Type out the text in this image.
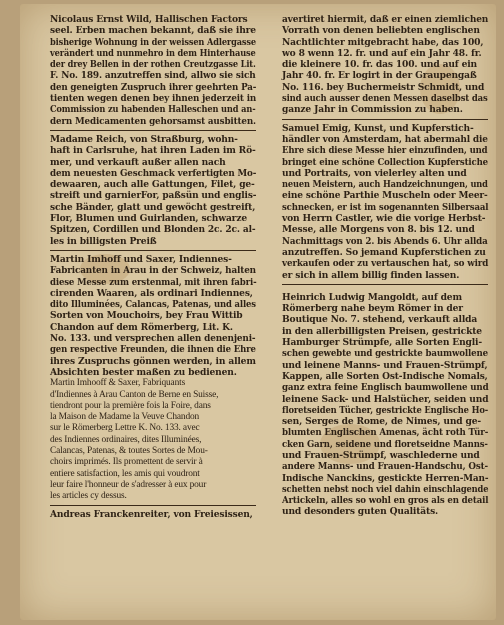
Nicolaus Ernst Wild, Hallischen Factors
seel. Erben machen bekannt, daß sie ihre
bisherige Wohnung in der weissen Adlergasse
verändert und nunmehro in dem Hinterhause
der drey Bellen in der rothen Creutzgasse Lit.
F. No. 189. anzutreffen sind, allwo sie sich
den geneigten Zuspruch ihrer geehrten Pa-
tienten wegen denen bey ihnen jederzeit in
Commission zu habenden Halleschen und an-
dern Medicamenten gehorsamst ausbitten.
Madame Reich, von Straßburg, wohn-
haft in Carlsruhe, hat ihren Laden im Rö-
mer, und verkauft außer allen nach
dem neuesten Geschmack verfertigten Mo-
dewaaren, auch alle Gattungen, Filet, ge-
streift und garnierFor, paßsün und englis-
sche Bänder, glatt und gewöcht gestreift,
Flor, Blumen und Guirlanden, schwarze
Spitzen, Cordillen und Blonden 2c. 2c. al-
les in billigsten Preiß
Martin Imhoff und Saxer, Indiennes-
Fabricanten in Arau in der Schweiz, halten
diese Messe zum erstenmal, mit ihren fabri-
cirenden Waaren, als ordinari Indiennes,
dito Illuminées, Calancas, Patenas, und alles
Sorten von Mouchoirs, bey Frau Wittib
Chandon auf dem Römerberg, Lit. K.
No. 133. und versprechen allen denenjeni-
gen respective Freunden, die ihnen die Ehre
ihres Zuspruchs gönnen werden, in allem
Absichten bester maßen zu bedienen.
Martin Imhooff & Saxer, Fabriquants
d'Indiennes à Arau Canton de Berne en Suisse,
tiendront pour la première fois la Foire, dans
la Maison de Madame la Veuve Chandon
sur le Römerberg Lettre K. No. 133. avec
des Indiennes ordinaires, dites Illuminées,
Calancas, Patenas, & toutes Sortes de Mou-
choirs imprimés. Ils promettent de servir à
entiere satisfaction, les amis qui voudront
leur faire l'honneur de s'adresser à eux pour
les articles cy dessus.
Andreas Franckenreiter, von Freiesissen,
avertiret hiermit, daß er einen ziemlichen
Vorrath von denen beliebten englischen
Nachtlichter mitgebracht habe, das 100,
wo 8 wenn 12. fr. und auf ein Jahr 48. fr.
die kleinere 10. fr. das 100. und auf ein
Jahr 40. fr. Er logirt in der Graupengaß
No. 116. bey Buchermeistr Schmidt, und
sind auch ausser denen Messen daselbst das
ganze Jahr in Commission zu haben.
Samuel Emig, Kunst, und Kupferstich-
händler von Amsterdam, hat abermahl die
Ehre sich diese Messe hier einzufinden, und
bringet eine schöne Collection Kupferstiche
und Portraits, von vielerley alten und
neuen Meistern, auch Handzeichnungen, und
eine schöne Parthie Muscheln oder Meer-
schnecken, er ist im sogenannten Silbersaal
von Herrn Castler, wie die vorige Herbst-
Messe, alle Morgens von 8. bis 12. und
Nachmittags von 2. bis Abends 6. Uhr allda
anzutreffen. So jemand Kupferstichen zu
verkaufen oder zu vertauschen hat, so wird
er sich in allem billig finden lassen.
Heinrich Ludwig Mangoldt, auf dem
Römerberg nahe beym Römer in der
Boutique No. 7. stehend, verkauft allda
in den allerbilligsten Preisen, gestrickte
Hamburger Strümpfe, alle Sorten Engli-
schen gewebte und gestrickte baumwollene
und leinene Manns- und Frauen-Strümpf,
Kappen, alle Sorten Ost-Indische Nomals,
ganz extra feine Englisch baumwollene und
leinene Sack- und Halstücher, seiden und
floretseiden Tücher, gestrickte Englische Ho-
sen, Serges de Rome, de Nimes, und ge-
blumten Englischen Amenas, ächt roth Tür-
cken Garn, seidene und floretseidne Manns-
und Frauen-Strümpf, waschlederne und
andere Manns- und Frauen-Handschu, Ost-
Indische Nanckins, gestickte Herren-Man-
schetten nebst noch viel dahin einschlagende
Artickeln, alles so wohl en gros als en detail
und desonders guten Qualitäts.
